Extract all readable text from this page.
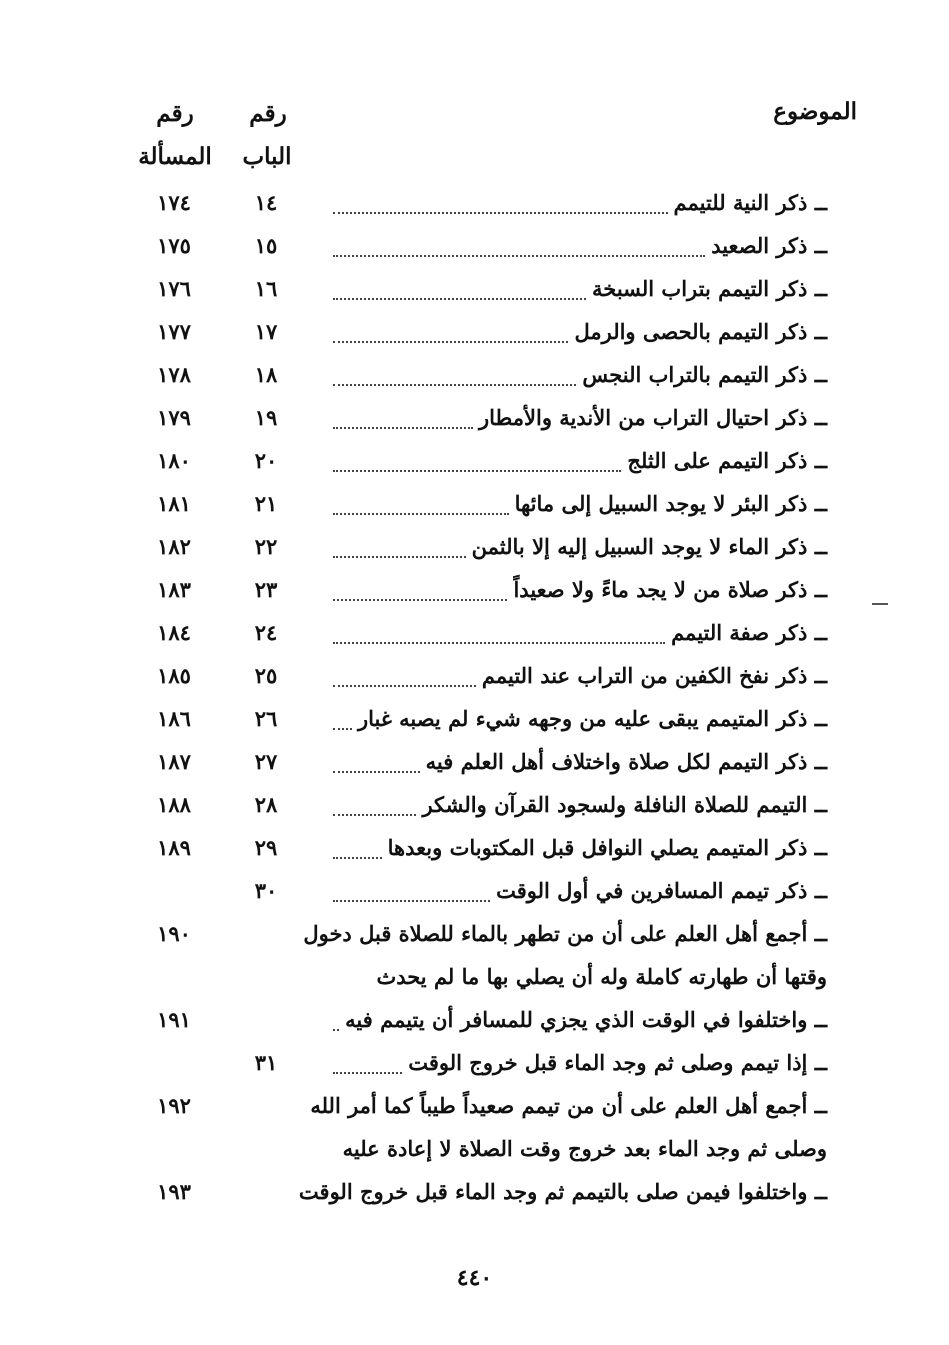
الموضوع
رقم
الباب
رقم
المسألة
ــ ذكر النية للتيمم
١٤
١٧٤
ــ ذكر الصعيد
١٥
١٧٥
ــ ذكر التيمم بتراب السبخة
١٦
١٧٦
ــ ذكر التيمم بالحصى والرمل
١٧
١٧٧
ــ ذكر التيمم بالتراب النجس
١٨
١٧٨
ــ ذكر احتيال التراب من الأندية والأمطار
١٩
١٧٩
ــ ذكر التيمم على الثلج
٢٠
١٨٠
ــ ذكر البئر لا يوجد السبيل إلى مائها
٢١
١٨١
ــ ذكر الماء لا يوجد السبيل إليه إلا بالثمن
٢٢
١٨٢
ــ ذكر صلاة من لا يجد ماءً ولا صعيداً
٢٣
١٨٣
ــ ذكر صفة التيمم
٢٤
١٨٤
ــ ذكر نفخ الكفين من التراب عند التيمم
٢٥
١٨٥
ــ ذكر المتيمم يبقى عليه من وجهه شيء لم يصبه غبار
٢٦
١٨٦
ــ ذكر التيمم لكل صلاة واختلاف أهل العلم فيه
٢٧
١٨٧
ــ التيمم للصلاة النافلة ولسجود القرآن والشكر
٢٨
١٨٨
ــ ذكر المتيمم يصلي النوافل قبل المكتوبات وبعدها
٢٩
١٨٩
ــ ذكر تيمم المسافرين في أول الوقت
٣٠
ــ أجمع أهل العلم على أن من تطهر بالماء للصلاة قبل دخول
١٩٠
وقتها أن طهارته كاملة وله أن يصلي بها ما لم يحدث
ــ واختلفوا في الوقت الذي يجزي للمسافر أن يتيمم فيه
١٩١
ــ إذا تيمم وصلى ثم وجد الماء قبل خروج الوقت
٣١
ــ أجمع أهل العلم على أن من تيمم صعيداً طيباً كما أمر الله
١٩٢
وصلى ثم وجد الماء بعد خروج وقت الصلاة لا إعادة عليه
ــ واختلفوا فيمن صلى بالتيمم ثم وجد الماء قبل خروج الوقت
١٩٣
٤٤٠
